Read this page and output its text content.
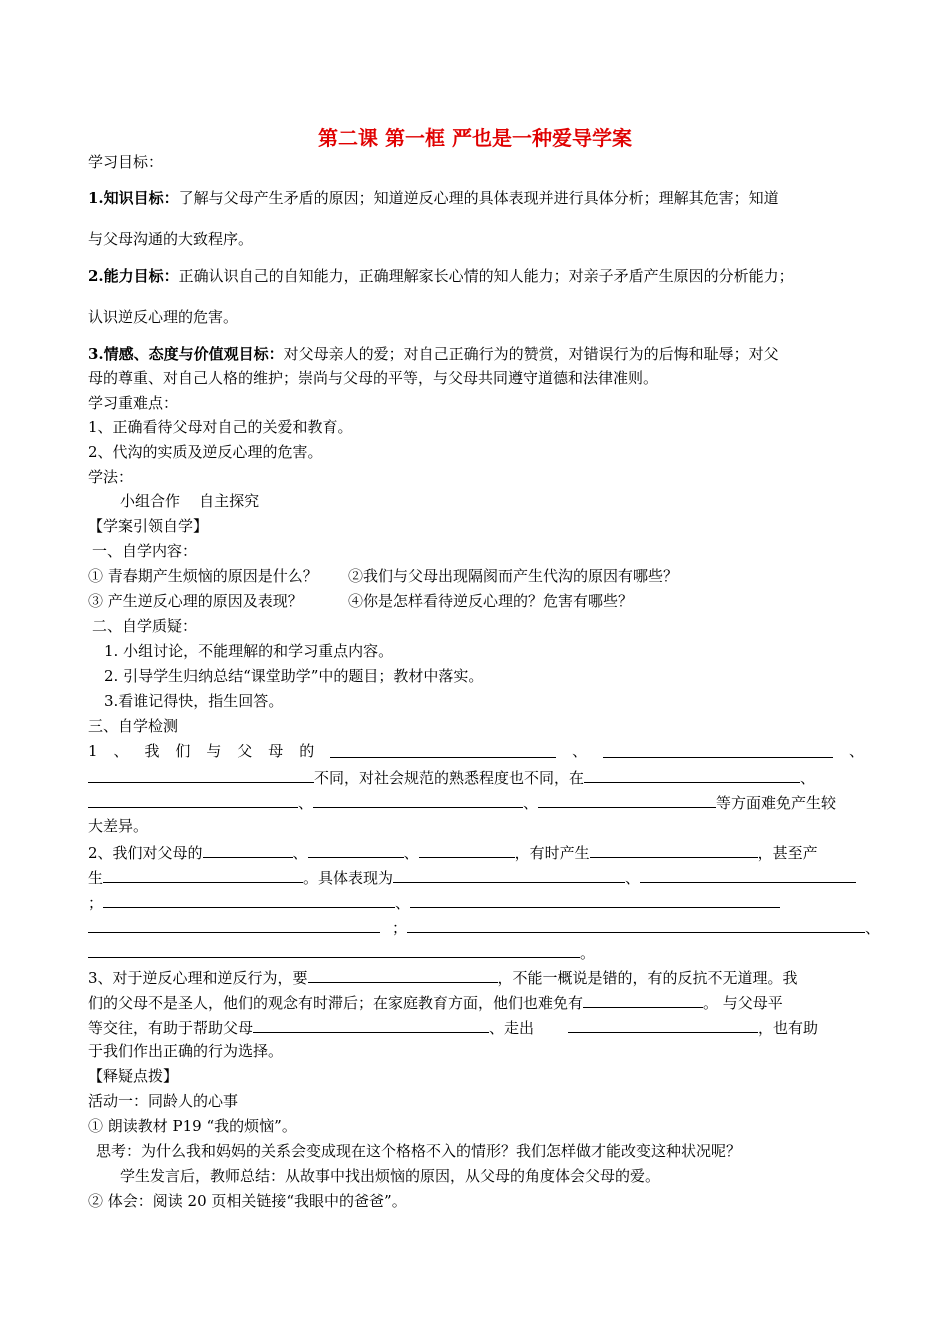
第二课 第一框 严也是一种爱导学案
学习目标：
1.知识目标：了解与父母产生矛盾的原因；知道逆反心理的具体表现并进行具体分析；理解其危害；知道
与父母沟通的大致程序。
2.能力目标：正确认识自己的自知能力，正确理解家长心情的知人能力；对亲子矛盾产生原因的分析能力；
认识逆反心理的危害。
3.情感、态度与价值观目标：对父母亲人的爱；对自己正确行为的赞赏，对错误行为的后悔和耻辱；对父
母的尊重、对自己人格的维护；崇尚与父母的平等，与父母共同遵守道德和法律准则。
学习重难点：
1、正确看待父母对自己的关爱和教育。
2、代沟的实质及逆反心理的危害。
学法：
小组合作    自主探究
【学案引领自学】
一、自学内容：
① 青春期产生烦恼的原因是什么？ ②我们与父母出现隔阂而产生代沟的原因有哪些？
③ 产生逆反心理的原因及表现？	④你是怎样看待逆反心理的？危害有哪些？
二、自学质疑：
1. 小组讨论，不能理解的和学习重点内容。
2. 引导学生归纳总结“课堂助学”中的题目；教材中落实。
3.看谁记得快，指生回答。
三、自学检测
1 、 我 们 与 父 母 的	、	、
不同，对社会规范的熟悉程度也不同，在	、
、	、	等方面难免产生较
大差异。
2、我们对父母的	、	、	，有时产生	，甚至产
生	。具体表现为	、
；	、
；	、
。
3、对于逆反心理和逆反行为，要	，不能一概说是错的，有的反抗不无道理。我
们的父母不是圣人，他们的观念有时滞后；在家庭教育方面，他们也难免有	。 与父母平
等交往，有助于帮助父母	、走出	，也有助
于我们作出正确的行为选择。
【释疑点拨】
活动一：同龄人的心事
① 朗读教材 P19 “我的烦恼”。
思考：为什么我和妈妈的关系会变成现在这个格格不入的情形？我们怎样做才能改变这种状况呢？
学生发言后，教师总结：从故事中找出烦恼的原因，从父母的角度体会父母的爱。
② 体会：阅读 20 页相关链接“我眼中的爸爸”。
